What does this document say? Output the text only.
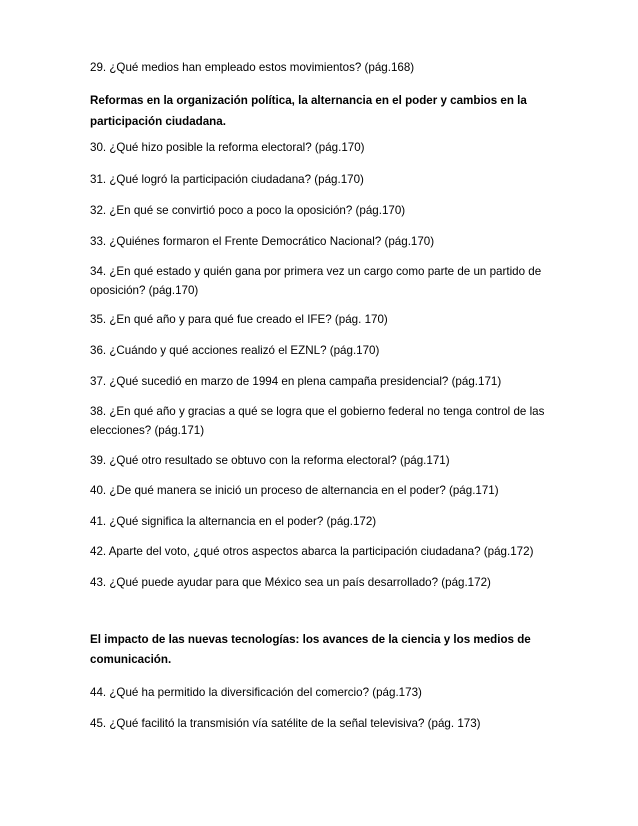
29. ¿Qué medios han empleado estos movimientos? (pág.168)

Reformas en la organización política, la alternancia en el poder y cambios en la

participación ciudadana.

30. ¿Qué hizo posible la reforma electoral? (pág.170)

31. ¿Qué logró la participación ciudadana? (pág.170)

32. ¿En qué se convirtió poco a poco la oposición? (pág.170)

33. ¿Quiénes formaron el Frente Democrático Nacional? (pág.170)

34. ¿En qué estado y quién gana por primera vez un cargo como parte de un partido de

oposición? (pág.170)

35. ¿En qué año y para qué fue creado el IFE? (pág. 170)

36. ¿Cuándo y qué acciones realizó el EZNL? (pág.170)

37. ¿Qué sucedió en marzo de 1994 en plena campaña presidencial? (pág.171)

38. ¿En qué año y gracias a qué se logra que el gobierno federal no tenga control de las

elecciones? (pág.171)

39. ¿Qué otro resultado se obtuvo con la reforma electoral? (pág.171)

40. ¿De qué manera se inició un proceso de alternancia en el poder? (pág.171)

41. ¿Qué significa la alternancia en el poder? (pág.172)

42. Aparte del voto, ¿qué otros aspectos abarca la participación ciudadana? (pág.172)

43. ¿Qué puede ayudar para que México sea un país desarrollado? (pág.172)

El impacto de las nuevas tecnologías: los avances de la ciencia y los medios de

comunicación.

44. ¿Qué ha permitido la diversificación del comercio? (pág.173)

45. ¿Qué facilitó la transmisión vía satélite de la señal televisiva? (pág. 173)
